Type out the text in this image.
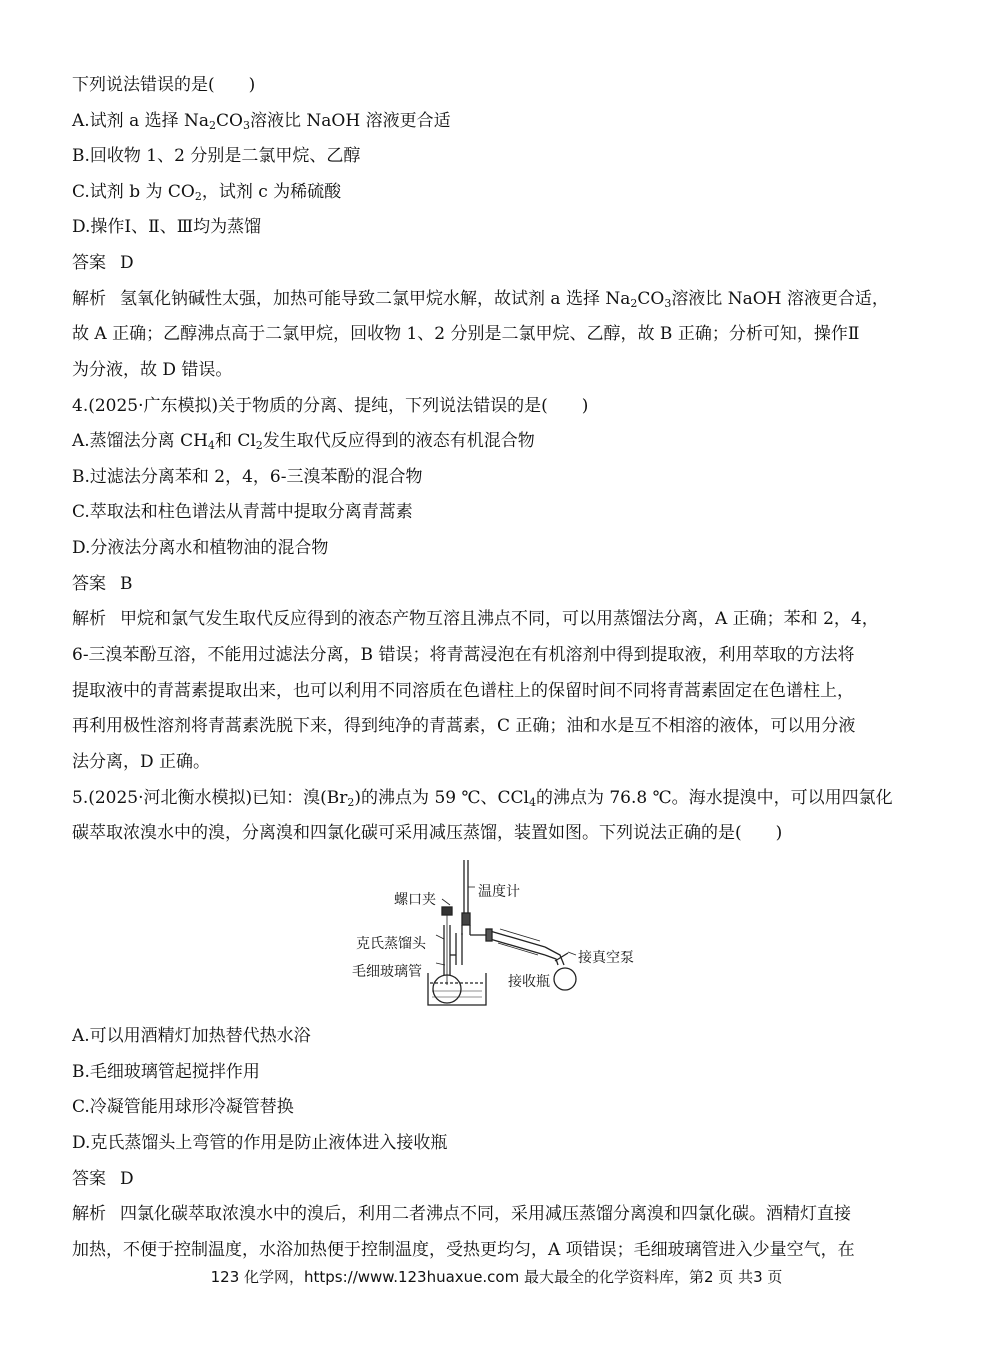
下列说法错误的是(　　)
A.试剂 a 选择 $Na_2CO_3$溶液比 NaOH 溶液更合适
B.回收物 1、2 分别是二氯甲烷、乙醇
C.试剂 b 为 $CO_2$，试剂 c 为稀硫酸
D.操作Ⅰ、Ⅱ、Ⅲ均为蒸馏
答案 D
解析 氢氧化钠碱性太强，加热可能导致二氯甲烷水解，故试剂 a 选择 $Na_2CO_3$溶液比 NaOH 溶液更合适，
故 A 正确；乙醇沸点高于二氯甲烷，回收物 1、2 分别是二氯甲烷、乙醇，故 B 正确；分析可知，操作Ⅱ
为分液，故 D 错误。
4.(2025·广东模拟)关于物质的分离、提纯，下列说法错误的是(　　)
A.蒸馏法分离 $CH_4$和 $Cl_2$发生取代反应得到的液态有机混合物
B.过滤法分离苯和 2，4，6-三溴苯酚的混合物
C.萃取法和柱色谱法从青蒿中提取分离青蒿素
D.分液法分离水和植物油的混合物
答案 B
解析 甲烷和氯气发生取代反应得到的液态产物互溶且沸点不同，可以用蒸馏法分离，A 正确；苯和 2，4，
6-三溴苯酚互溶，不能用过滤法分离，B 错误；将青蒿浸泡在有机溶剂中得到提取液，利用萃取的方法将
提取液中的青蒿素提取出来，也可以利用不同溶质在色谱柱上的保留时间不同将青蒿素固定在色谱柱上，
再利用极性溶剂将青蒿素洗脱下来，得到纯净的青蒿素，C 正确；油和水是互不相溶的液体，可以用分液
法分离，D 正确。
5.(2025·河北衡水模拟)已知：溴$(Br_2)$的沸点为 59 ℃、CCl$_4$的沸点为 76.8 ℃。海水提溴中，可以用四氯化
碳萃取浓溴水中的溴，分离溴和四氯化碳可采用减压蒸馏，装置如图。下列说法正确的是(　　)
温度计
螺口夹
克氏蒸馏头
毛细玻璃管
接真空泵
接收瓶
A.可以用酒精灯加热替代热水浴
B.毛细玻璃管起搅拌作用
C.冷凝管能用球形冷凝管替换
D.克氏蒸馏头上弯管的作用是防止液体进入接收瓶
答案 D
解析 四氯化碳萃取浓溴水中的溴后，利用二者沸点不同，采用减压蒸馏分离溴和四氯化碳。酒精灯直接
加热，不便于控制温度，水浴加热便于控制温度，受热更均匀，A 项错误；毛细玻璃管进入少量空气，在
123 化学网，https://www.123huaxue.com 最大最全的化学资料库，第2 页 共3 页
